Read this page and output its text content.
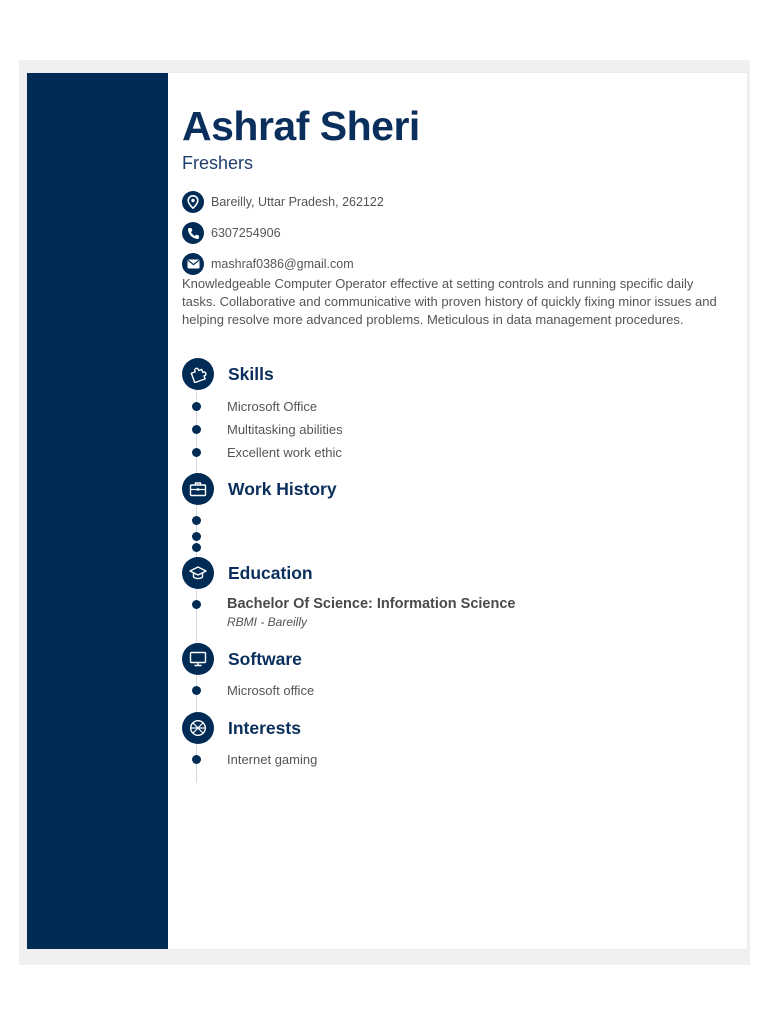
Ashraf Sheri
Freshers
Bareilly, Uttar Pradesh, 262122
6307254906
mashraf0386@gmail.com
Knowledgeable Computer Operator effective at setting controls and running specific daily tasks. Collaborative and communicative with proven history of quickly fixing minor issues and helping resolve more advanced problems. Meticulous in data management procedures.
Skills
Microsoft Office
Multitasking abilities
Excellent work ethic
Work History
Education
Bachelor Of Science: Information Science
RBMI - Bareilly
Software
Microsoft office
Interests
Internet gaming
